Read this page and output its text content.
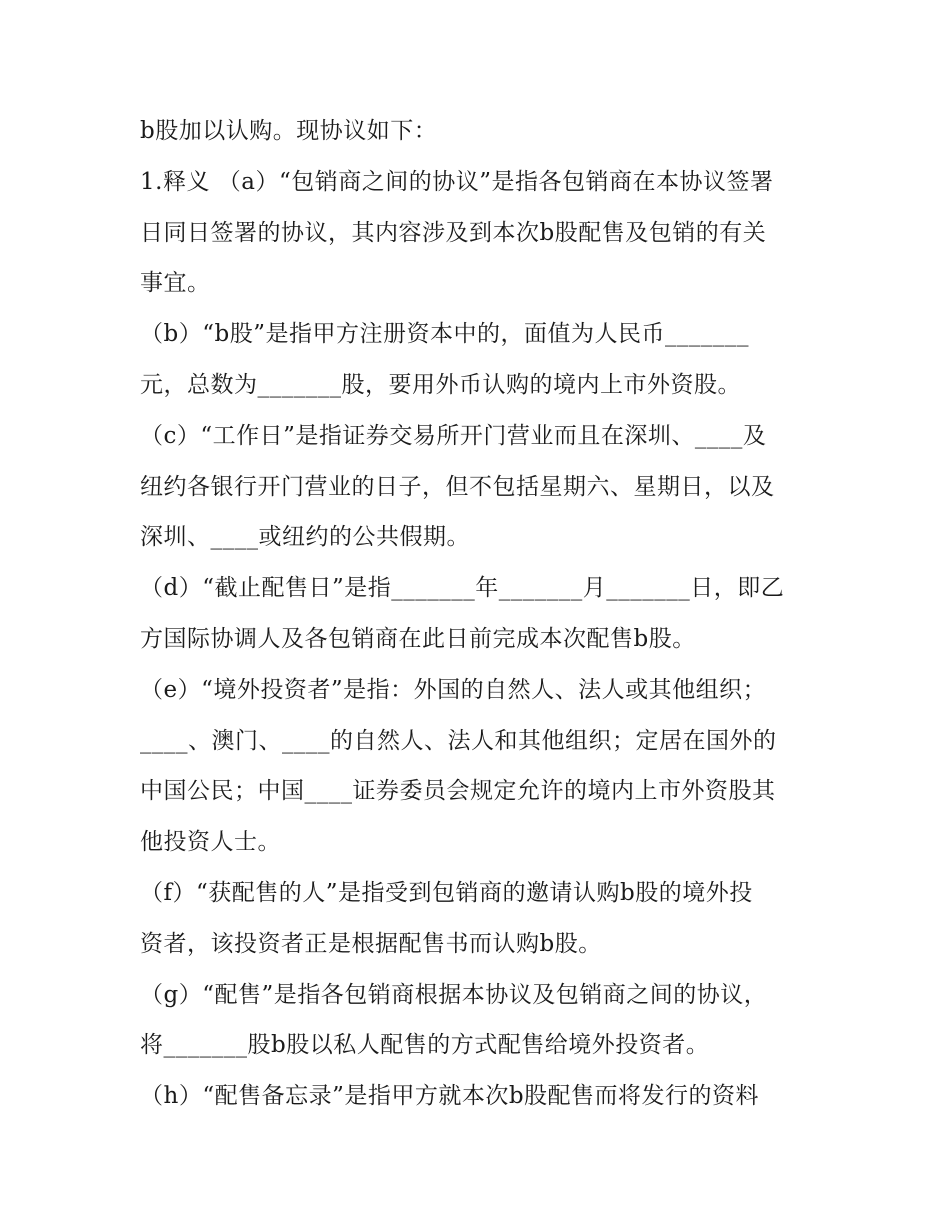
b股加以认购。现协议如下：
1.释义 （a）“包销商之间的协议”是指各包销商在本协议签署
日同日签署的协议，其内容涉及到本次b股配售及包销的有关
事宜。
（b）“b股”是指甲方注册资本中的，面值为人民币_______
元，总数为_______股，要用外币认购的境内上市外资股。
（c）“工作日”是指证券交易所开门营业而且在深圳、____及
纽约各银行开门营业的日子，但不包括星期六、星期日，以及
深圳、____或纽约的公共假期。
（d）“截止配售日”是指_______年_______月_______日，即乙
方国际协调人及各包销商在此日前完成本次配售b股。
（e）“境外投资者”是指：外国的自然人、法人或其他组织；
____、澳门、____的自然人、法人和其他组织；定居在国外的
中国公民；中国____证券委员会规定允许的境内上市外资股其
他投资人士。
（f）“获配售的人”是指受到包销商的邀请认购b股的境外投
资者，该投资者正是根据配售书而认购b股。
（g）“配售”是指各包销商根据本协议及包销商之间的协议，
将_______股b股以私人配售的方式配售给境外投资者。
（h）“配售备忘录”是指甲方就本次b股配售而将发行的资料
